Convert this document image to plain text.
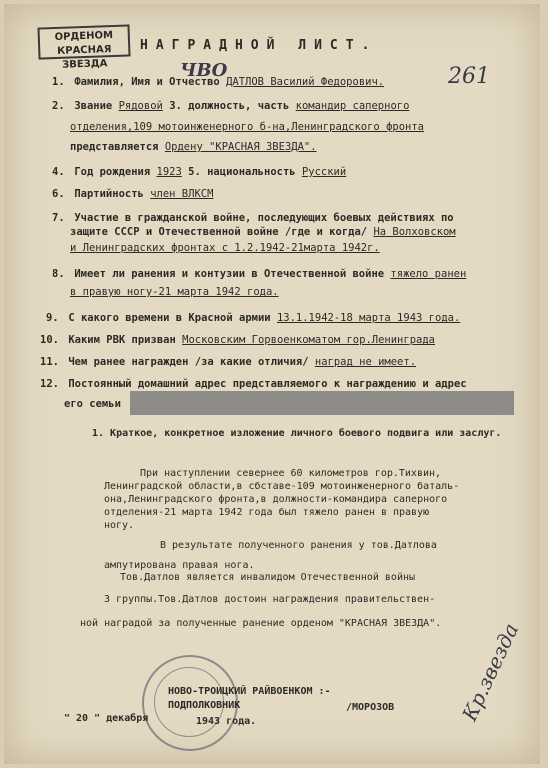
ОРДЕНОМ
КРАСНАЯ ЗВЕЗДА
НАГРАДНОЙ ЛИСТ.
261
ЧВО
1. Фамилия, Имя и Отчество ДАТЛОВ Василий Федорович.
2. Звание Рядовой 3. должность, часть командир саперного
отделения,109 мотоинженерного б-на,Ленинградского фронта
представляется Ордену "КРАСНАЯ ЗВЕЗДА".
4. Год рождения 1923 5. национальность Русский
6. Партийность член ВЛКСМ
7. Участие в гражданской войне, последующих боевых действиях по
защите СССР и Отечественной войне /где и когда/ На Волховском
и Ленинградских фронтах с 1.2.1942-21марта 1942г.
8. Имеет ли ранения и контузии в Отечественной войне тяжело ранен
в правую ногу-21 марта 1942 года.
9. С какого времени в Красной армии 13.1.1942-18 марта 1943 года.
10. Каким РВК призван Московским Горвоенкоматом гор.Ленинграда
11. Чем ранее награжден /за какие отличия/ наград не имеет.
12. Постоянный домашний адрес представляемого к награждению и адрес
его семьи
1. Краткое, конкретное изложение личного боевого подвига или заслуг.
При наступлении севернее 60 километров гор.Тихвин,
Ленинградской области,в сбставе-109 мотоинженерного баталь-
она,Ленинградского фронта,в должности-командира саперного
отделения-21 марта 1942 года был тяжело ранен в правую
ногу.
В результате полученного ранения у тов.Датлова
ампутирована правая нога.
Тов.Датлов является инвалидом Отечественной войны
3 группы.Тов.Датлов достоин награждения правительствен-
ной наградой за полученные ранение орденом "КРАСНАЯ ЗВЕЗДА".
НОВО-ТРОИЦКИЙ РАЙВОЕНКОМ :-
ПОДПОЛКОВНИК	/МОРОЗОВ
" 20 " декабря	1943 года.	Кр.звезда
